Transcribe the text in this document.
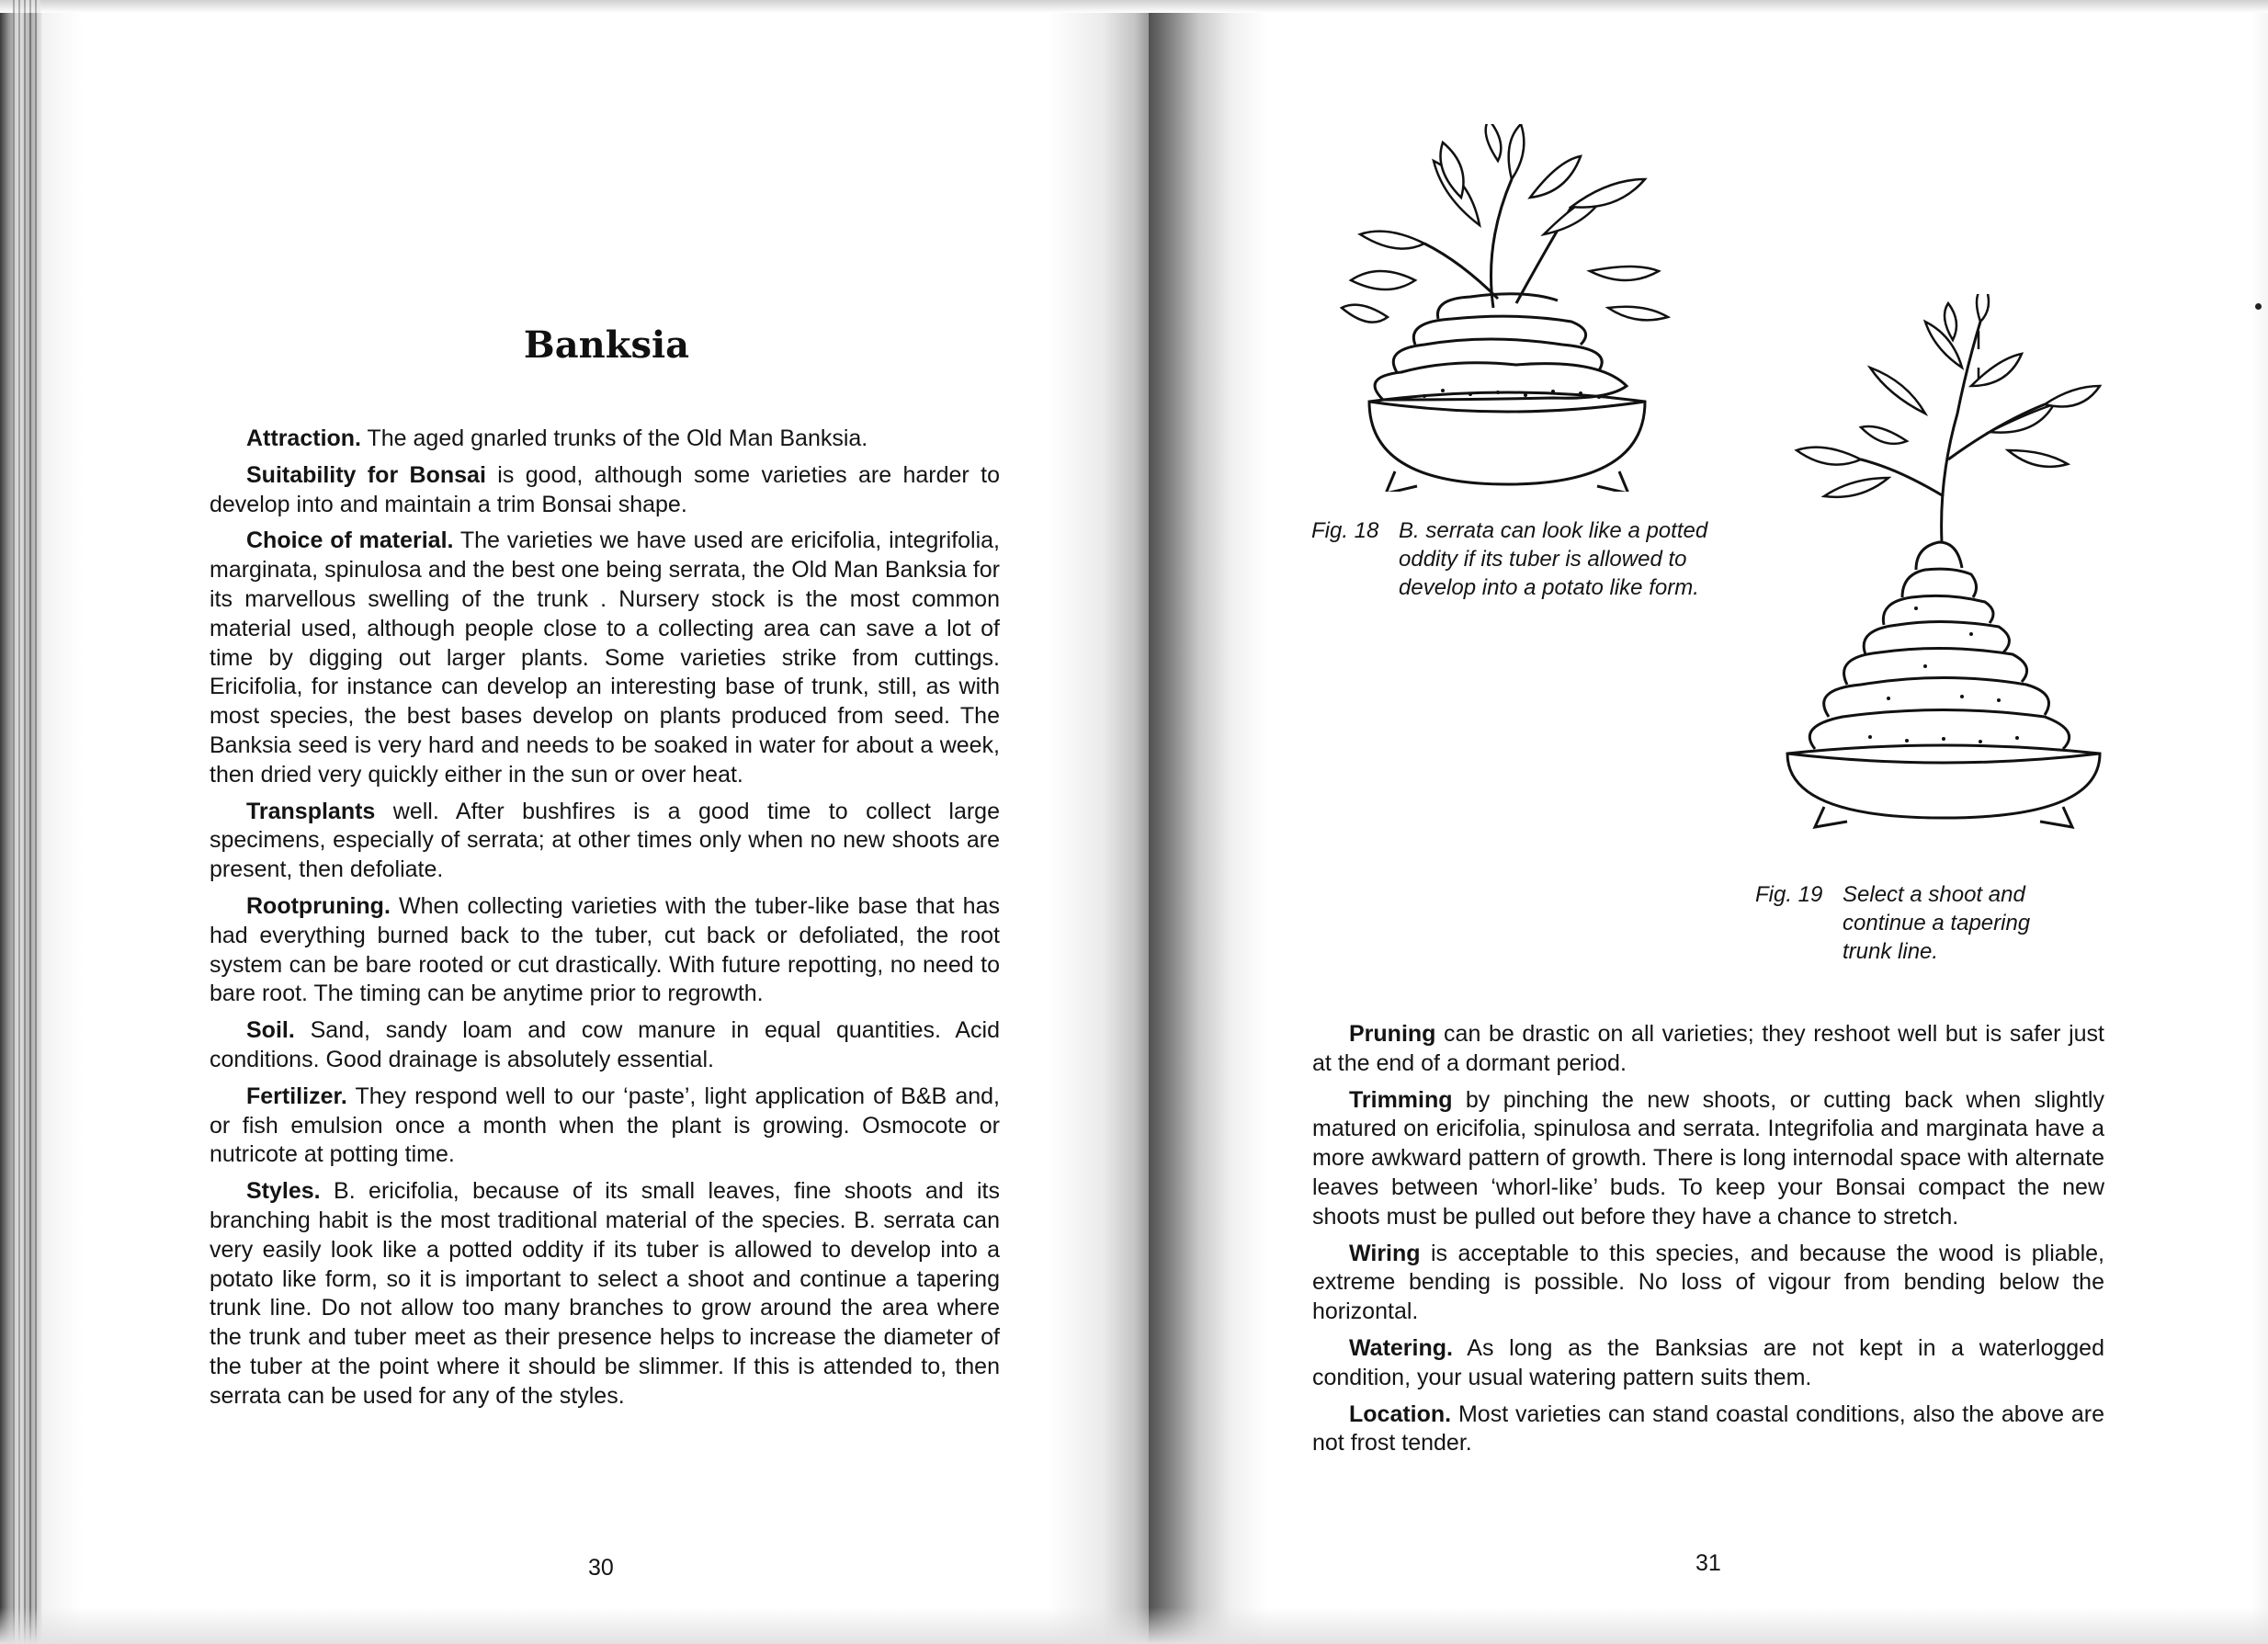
Banksia

Attraction. The aged gnarled trunks of the Old Man Banksia.

Suitability for Bonsai is good, although some varieties are harder to develop into and maintain a trim Bonsai shape.

Choice of material. The varieties we have used are ericifolia, integrifolia, marginata, spinulosa and the best one being serrata, the Old Man Banksia for its marvellous swelling of the trunk . Nursery stock is the most common material used, although people close to a collecting area can save a lot of time by digging out larger plants. Some varieties strike from cuttings. Ericifolia, for instance can develop an interesting base of trunk, still, as with most species, the best bases develop on plants produced from seed. The Banksia seed is very hard and needs to be soaked in water for about a week, then dried very quickly either in the sun or over heat.

Transplants well. After bushfires is a good time to collect large specimens, especially of serrata; at other times only when no new shoots are present, then defoliate.

Rootpruning. When collecting varieties with the tuber-like base that has had everything burned back to the tuber, cut back or defoliated, the root system can be bare rooted or cut drastically. With future repotting, no need to bare root. The timing can be anytime prior to regrowth.

Soil. Sand, sandy loam and cow manure in equal quantities. Acid conditions. Good drainage is absolutely essential.

Fertilizer. They respond well to our ‘paste’, light application of B&B and, or fish emulsion once a month when the plant is growing. Osmocote or nutricote at potting time.

Styles. B. ericifolia, because of its small leaves, fine shoots and its branching habit is the most traditional material of the species. B. serrata can very easily look like a potted oddity if its tuber is allowed to develop into a potato like form, so it is important to select a shoot and continue a tapering trunk line. Do not allow too many branches to grow around the area where the trunk and tuber meet as their presence helps to increase the diameter of the tuber at the point where it should be slimmer. If this is attended to, then serrata can be used for any of the styles.

30
Fig. 18 B. serrata can look like a potted oddity if its tuber is allowed to develop into a potato like form.
Fig. 19 Select a shoot and continue a tapering trunk line.

Pruning can be drastic on all varieties; they reshoot well but is safer just at the end of a dormant period.

Trimming by pinching the new shoots, or cutting back when slightly matured on ericifolia, spinulosa and serrata. Integrifolia and marginata have a more awkward pattern of growth. There is long internodal space with alternate leaves between ‘whorl-like’ buds. To keep your Bonsai compact the new shoots must be pulled out before they have a chance to stretch.

Wiring is acceptable to this species, and because the wood is pliable, extreme bending is possible. No loss of vigour from bending below the horizontal.

Watering. As long as the Banksias are not kept in a waterlogged condition, your usual watering pattern suits them.

Location. Most varieties can stand coastal conditions, also the above are not frost tender.

31
